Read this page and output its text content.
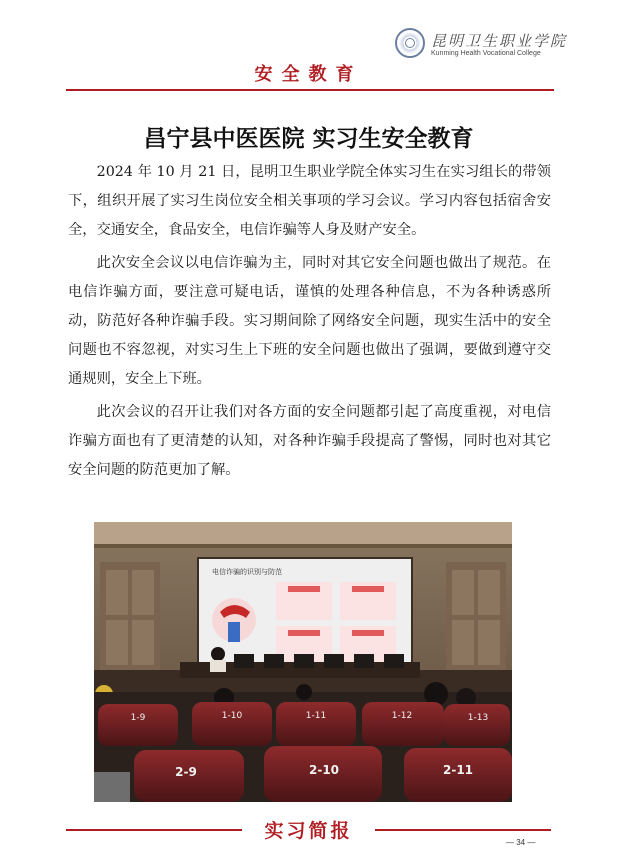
昆明卫生职业学院
Kunming Health Vocational College
安全教育
昌宁县中医医院 实习生安全教育

2024 年 10 月 21 日，昆明卫生职业学院全体实习生在实习组长的带领下，组织开展了实习生岗位安全相关事项的学习会议。学习内容包括宿舍安全，交通安全，食品安全，电信诈骗等人身及财产安全。

此次安全会议以电信诈骗为主，同时对其它安全问题也做出了规范。在电信诈骗方面，要注意可疑电话，谨慎的处理各种信息，不为各种诱惑所动，防范好各种诈骗手段。实习期间除了网络安全问题，现实生活中的安全问题也不容忽视，对实习生上下班的安全问题也做出了强调，要做到遵守交通规则，安全上下班。

此次会议的召开让我们对各方面的安全问题都引起了高度重视，对电信诈骗方面也有了更清楚的认知，对各种诈骗手段提高了警惕，同时也对其它安全问题的防范更加了解。

电信诈骗的识别与防范
1-9	1-10	1-11	1-12	1-13
2-9	2-10	2-11
实习简报
— 34 —
